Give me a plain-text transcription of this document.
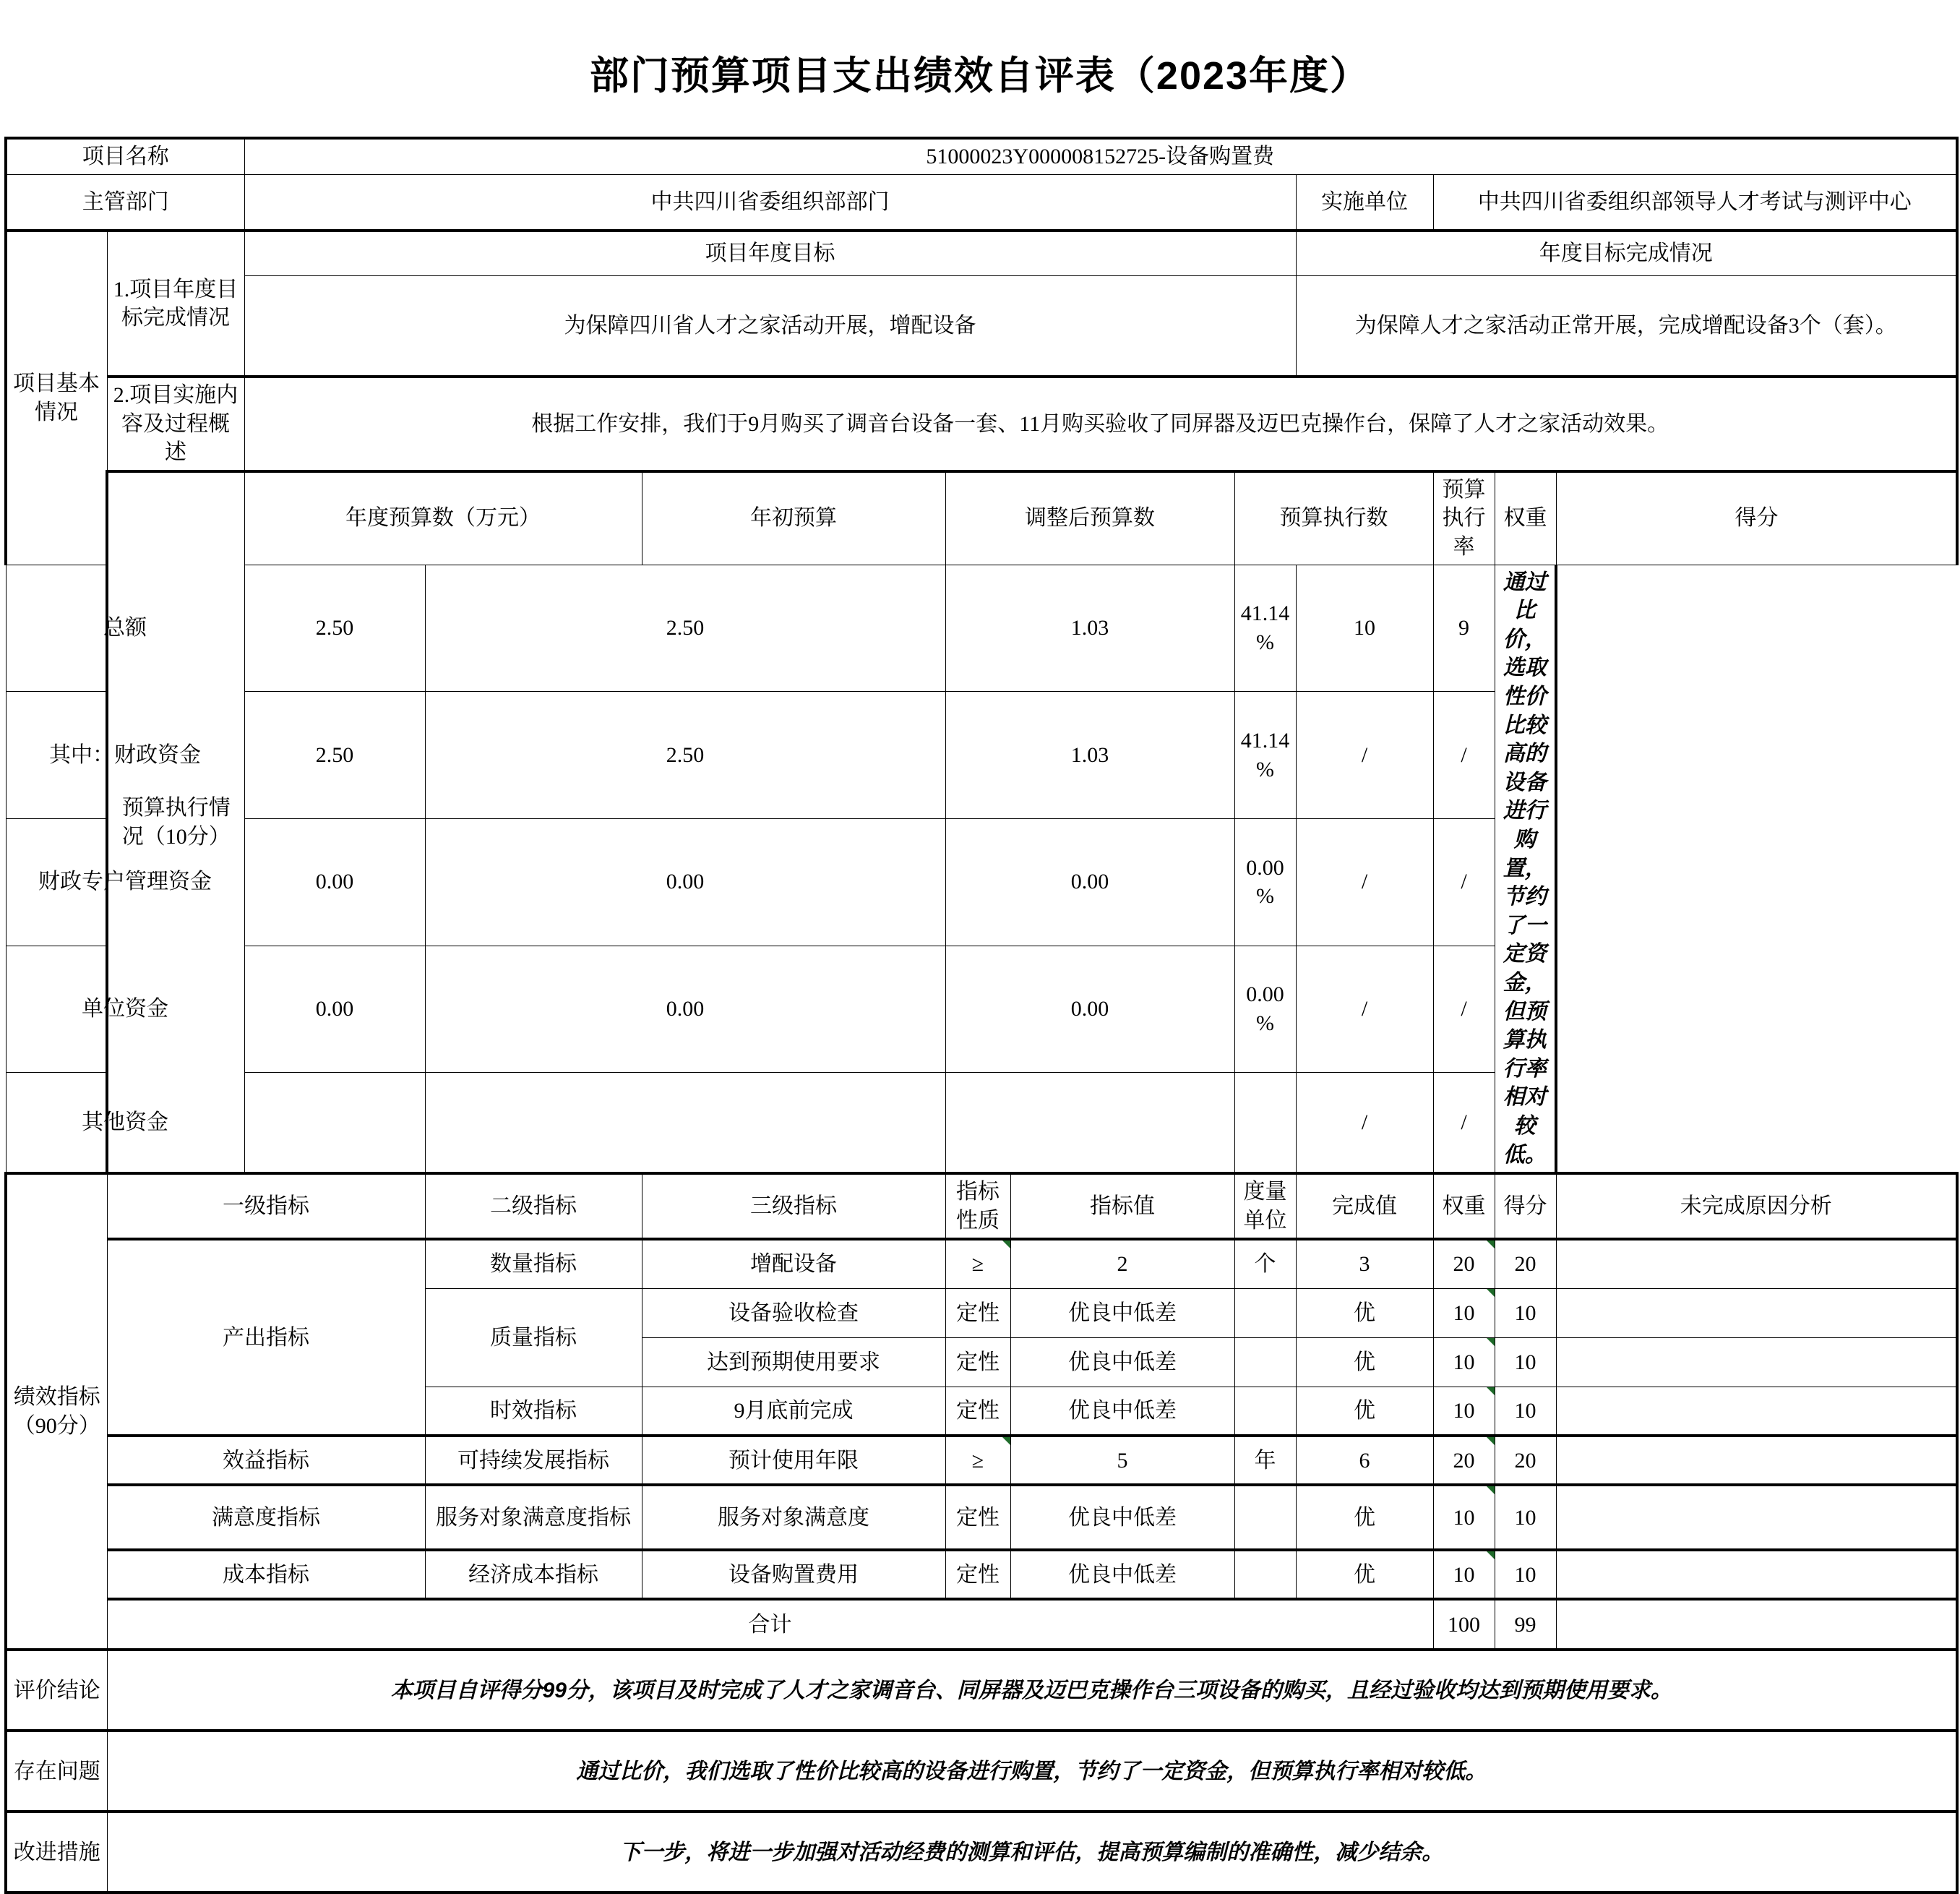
部门预算项目支出绩效自评表（2023年度）
项目名称		51000023Y000008152725-设备购置费										
主管部门		中共四川省委组织部部门						实施单位	中共四川省委组织部领导人才考试与测评中心			
项目基本情况	1.项目年度目标完成情况	项目年度目标						年度目标完成情况				
		为保障四川省人才之家活动开展，增配设备						为保障人才之家活动正常开展，完成增配设备3个（套）。				
	2.项目实施内容及过程概述	根据工作安排，我们于9月购买了调音台设备一套、11月购买验收了同屏器及迈巴克操作台，保障了人才之家活动效果。										
	预算执行情况（10分）	年度预算数（万元）		年初预算	调整后预算数		预算执行数		预算执行率	权重	得分	
总额		2.50	2.50		1.03		41.14%	10	9	通过比价，选取性价比较高的设备进行购置，节约了一定资金，但预算执行率相对较低。		
其中：财政资金		2.50	2.50		1.03		41.14%	/	/			
财政专户管理资金		0.00	0.00		0.00		0.00%	/	/			
单位资金		0.00	0.00		0.00		0.00%	/	/			
其他资金								/	/			
绩效指标（90分）	一级指标		二级指标	三级指标	指标性质	指标值	度量单位	完成值	权重	得分	未完成原因分析	
	产出指标		数量指标	增配设备	≥	2	个	3	20	20		
			质量指标	设备验收检查	定性	优良中低差		优	10	10		
				达到预期使用要求	定性	优良中低差		优	10	10		
			时效指标	9月底前完成	定性	优良中低差		优	10	10		
	效益指标		可持续发展指标	预计使用年限	≥	5	年	6	20	20		
	满意度指标		服务对象满意度指标	服务对象满意度	定性	优良中低差		优	10	10		
	成本指标		经济成本指标	设备购置费用	定性	优良中低差		优	10	10		
	合计								100	99		
评价结论	本项目自评得分99分，该项目及时完成了人才之家调音台、同屏器及迈巴克操作台三项设备的购买，且经过验收均达到预期使用要求。											
存在问题	通过比价，我们选取了性价比较高的设备进行购置，节约了一定资金，但预算执行率相对较低。											
改进措施	下一步，将进一步加强对活动经费的测算和评估，提高预算编制的准确性，减少结余。											
